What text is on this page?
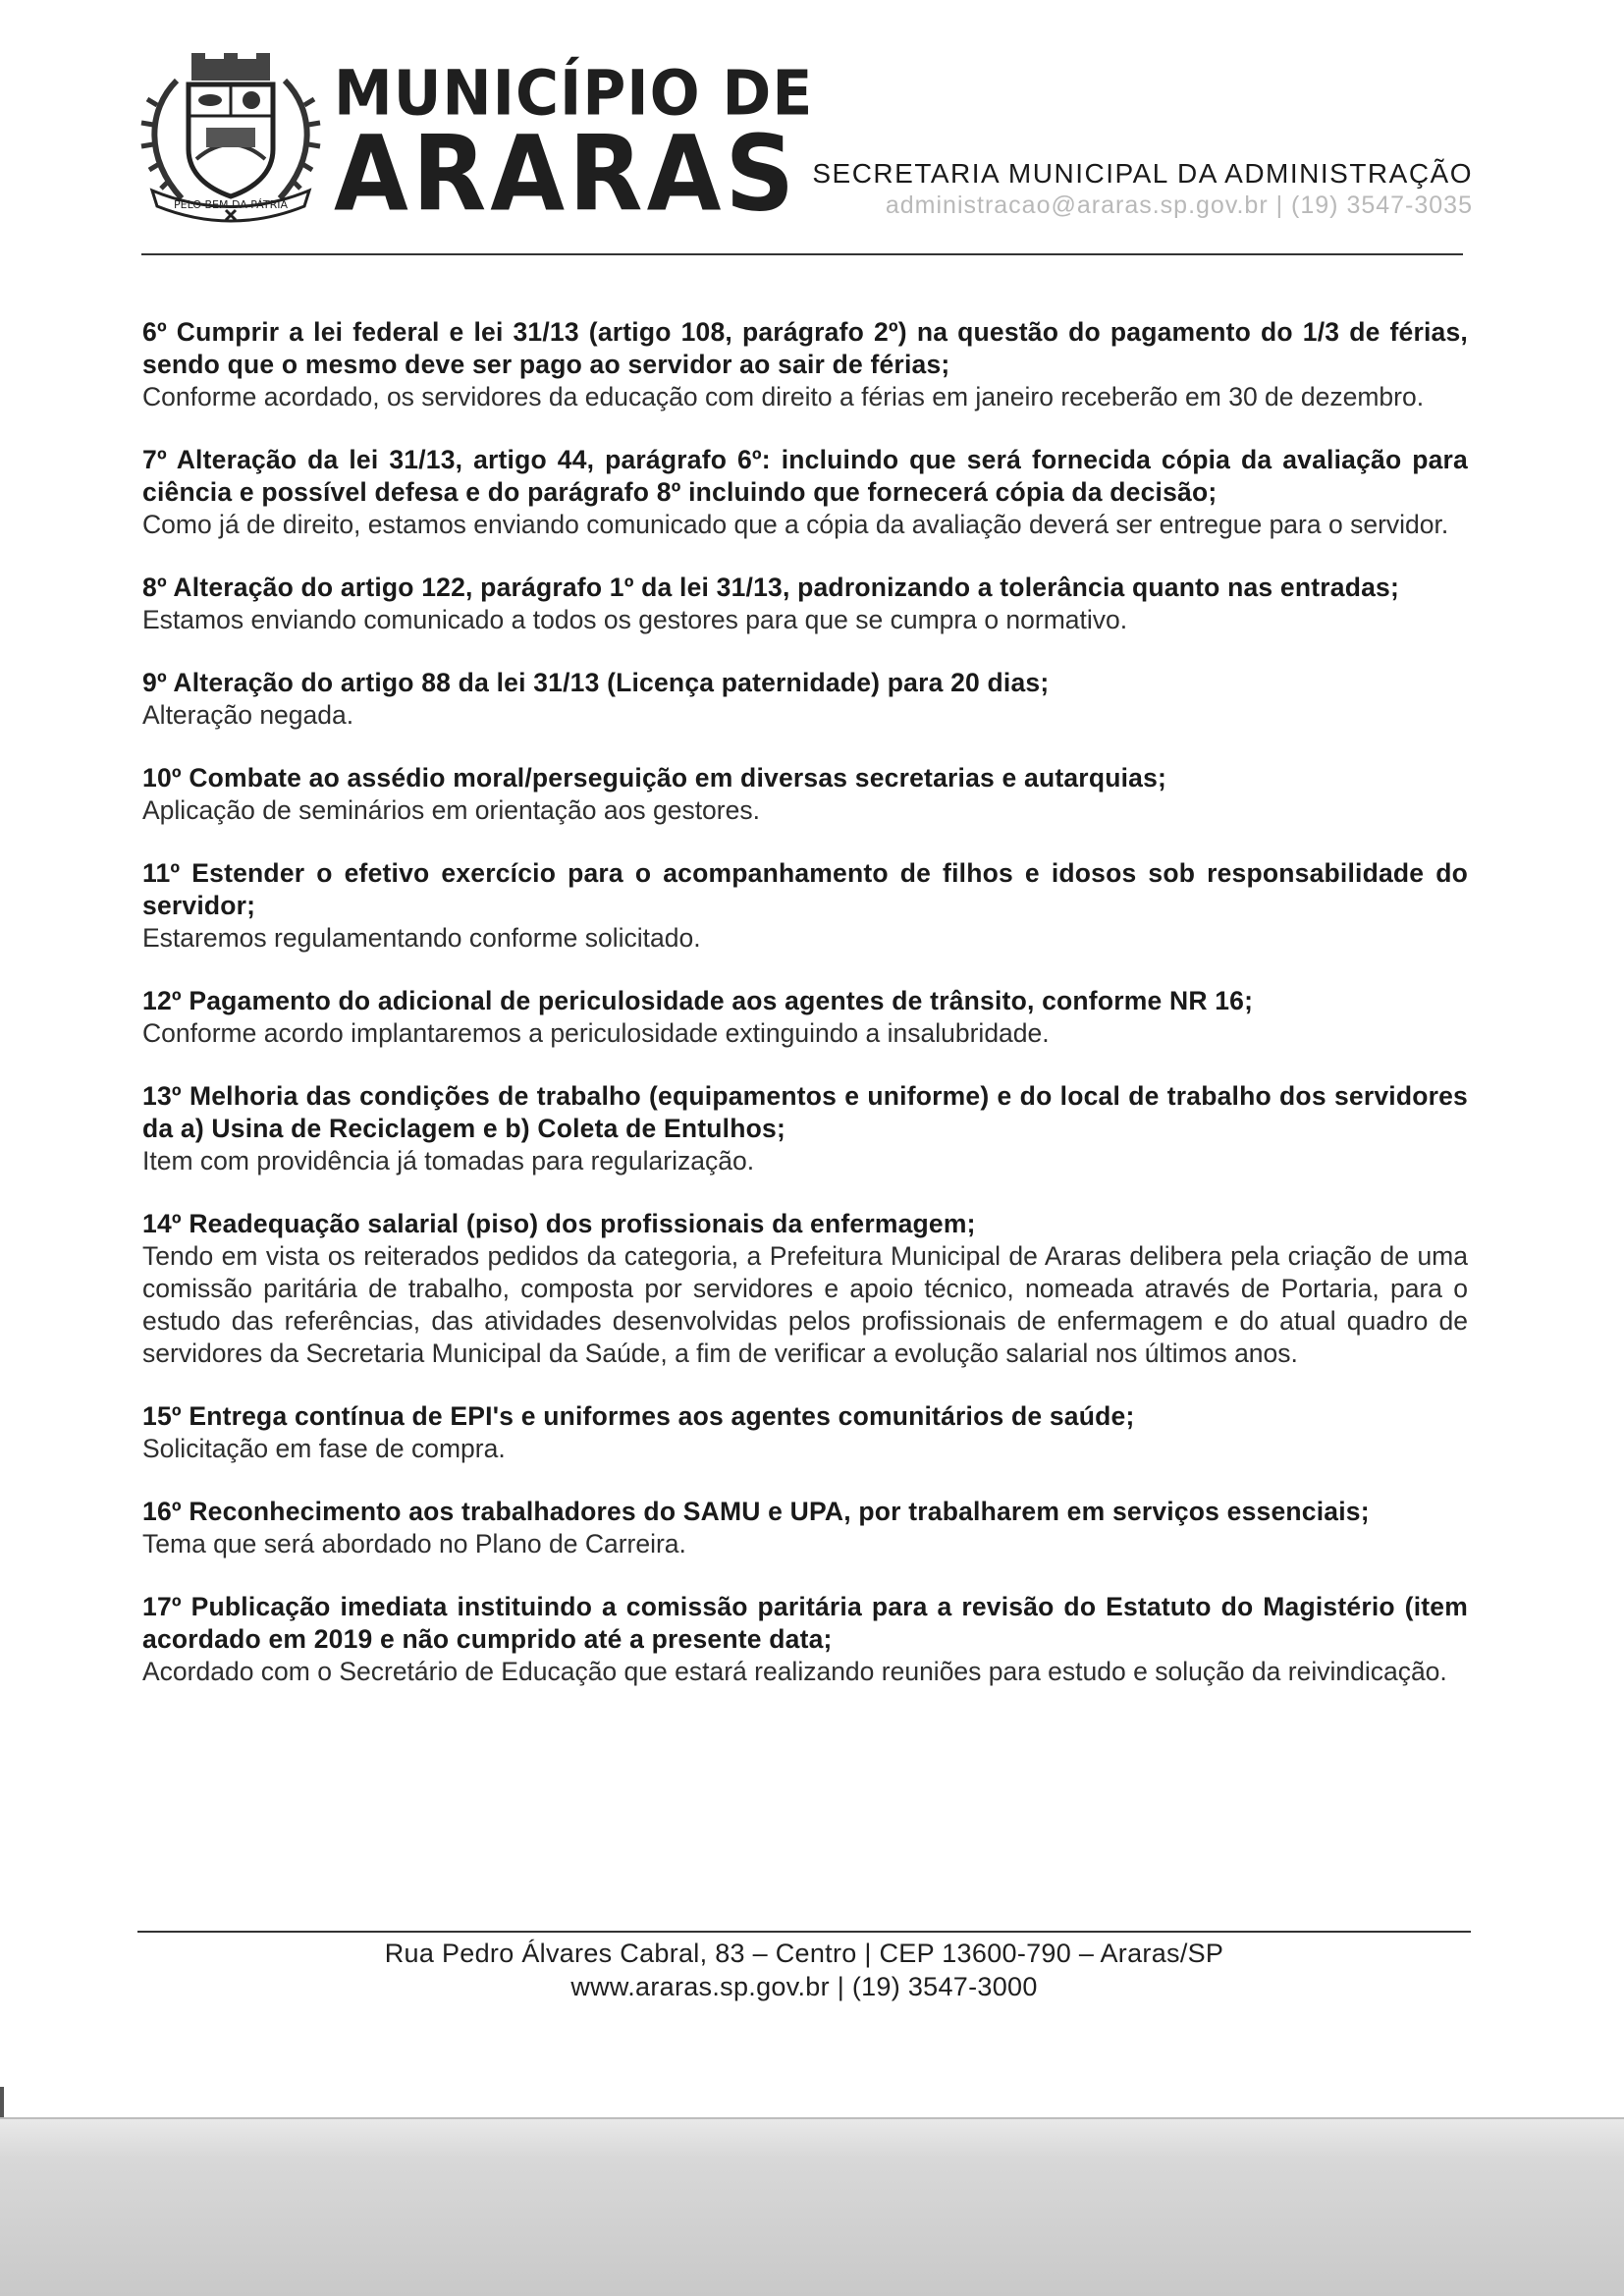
PELO BEM DA PÁTRIA
MUNICÍPIO DE
ARARAS SECRETARIA MUNICIPAL DA ADMINISTRAÇÃO
administracao@araras.sp.gov.br | (19) 3547-3035

6º Cumprir a lei federal e lei 31/13 (artigo 108, parágrafo 2º) na questão do pagamento do 1/3 de férias, sendo que o mesmo deve ser pago ao servidor ao sair de férias;

Conforme acordado, os servidores da educação com direito a férias em janeiro receberão em 30 de dezembro.

7º Alteração da lei 31/13, artigo 44, parágrafo 6º: incluindo que será fornecida cópia da avaliação para ciência e possível defesa e do parágrafo 8º incluindo que fornecerá cópia da decisão;

Como já de direito, estamos enviando comunicado que a cópia da avaliação deverá ser entregue para o servidor.

8º Alteração do artigo 122, parágrafo 1º da lei 31/13, padronizando a tolerância quanto nas entradas;

Estamos enviando comunicado a todos os gestores para que se cumpra o normativo.

9º Alteração do artigo 88 da lei 31/13 (Licença paternidade) para 20 dias;

Alteração negada.

10º Combate ao assédio moral/perseguição em diversas secretarias e autarquias;

Aplicação de seminários em orientação aos gestores.

11º Estender o efetivo exercício para o acompanhamento de filhos e idosos sob responsabilidade do servidor;

Estaremos regulamentando conforme solicitado.

12º Pagamento do adicional de periculosidade aos agentes de trânsito, conforme NR 16;

Conforme acordo implantaremos a periculosidade extinguindo a insalubridade.

13º Melhoria das condições de trabalho (equipamentos e uniforme) e do local de trabalho dos servidores da a) Usina de Reciclagem e b) Coleta de Entulhos;

Item com providência já tomadas para regularização.

14º Readequação salarial (piso) dos profissionais da enfermagem;

Tendo em vista os reiterados pedidos da categoria, a Prefeitura Municipal de Araras delibera pela criação de uma comissão paritária de trabalho, composta por servidores e apoio técnico, nomeada através de Portaria, para o estudo das referências, das atividades desenvolvidas pelos profissionais de enfermagem e do atual quadro de servidores da Secretaria Municipal da Saúde, a fim de verificar a evolução salarial nos últimos anos.

15º Entrega contínua de EPI's e uniformes aos agentes comunitários de saúde;

Solicitação em fase de compra.

16º Reconhecimento aos trabalhadores do SAMU e UPA, por trabalharem em serviços essenciais;

Tema que será abordado no Plano de Carreira.

17º Publicação imediata instituindo a comissão paritária para a revisão do Estatuto do Magistério (item acordado em 2019 e não cumprido até a presente data;

Acordado com o Secretário de Educação que estará realizando reuniões para estudo e solução da reivindicação.

Rua Pedro Álvares Cabral, 83 – Centro | CEP 13600-790 – Araras/SP
www.araras.sp.gov.br | (19) 3547-3000
